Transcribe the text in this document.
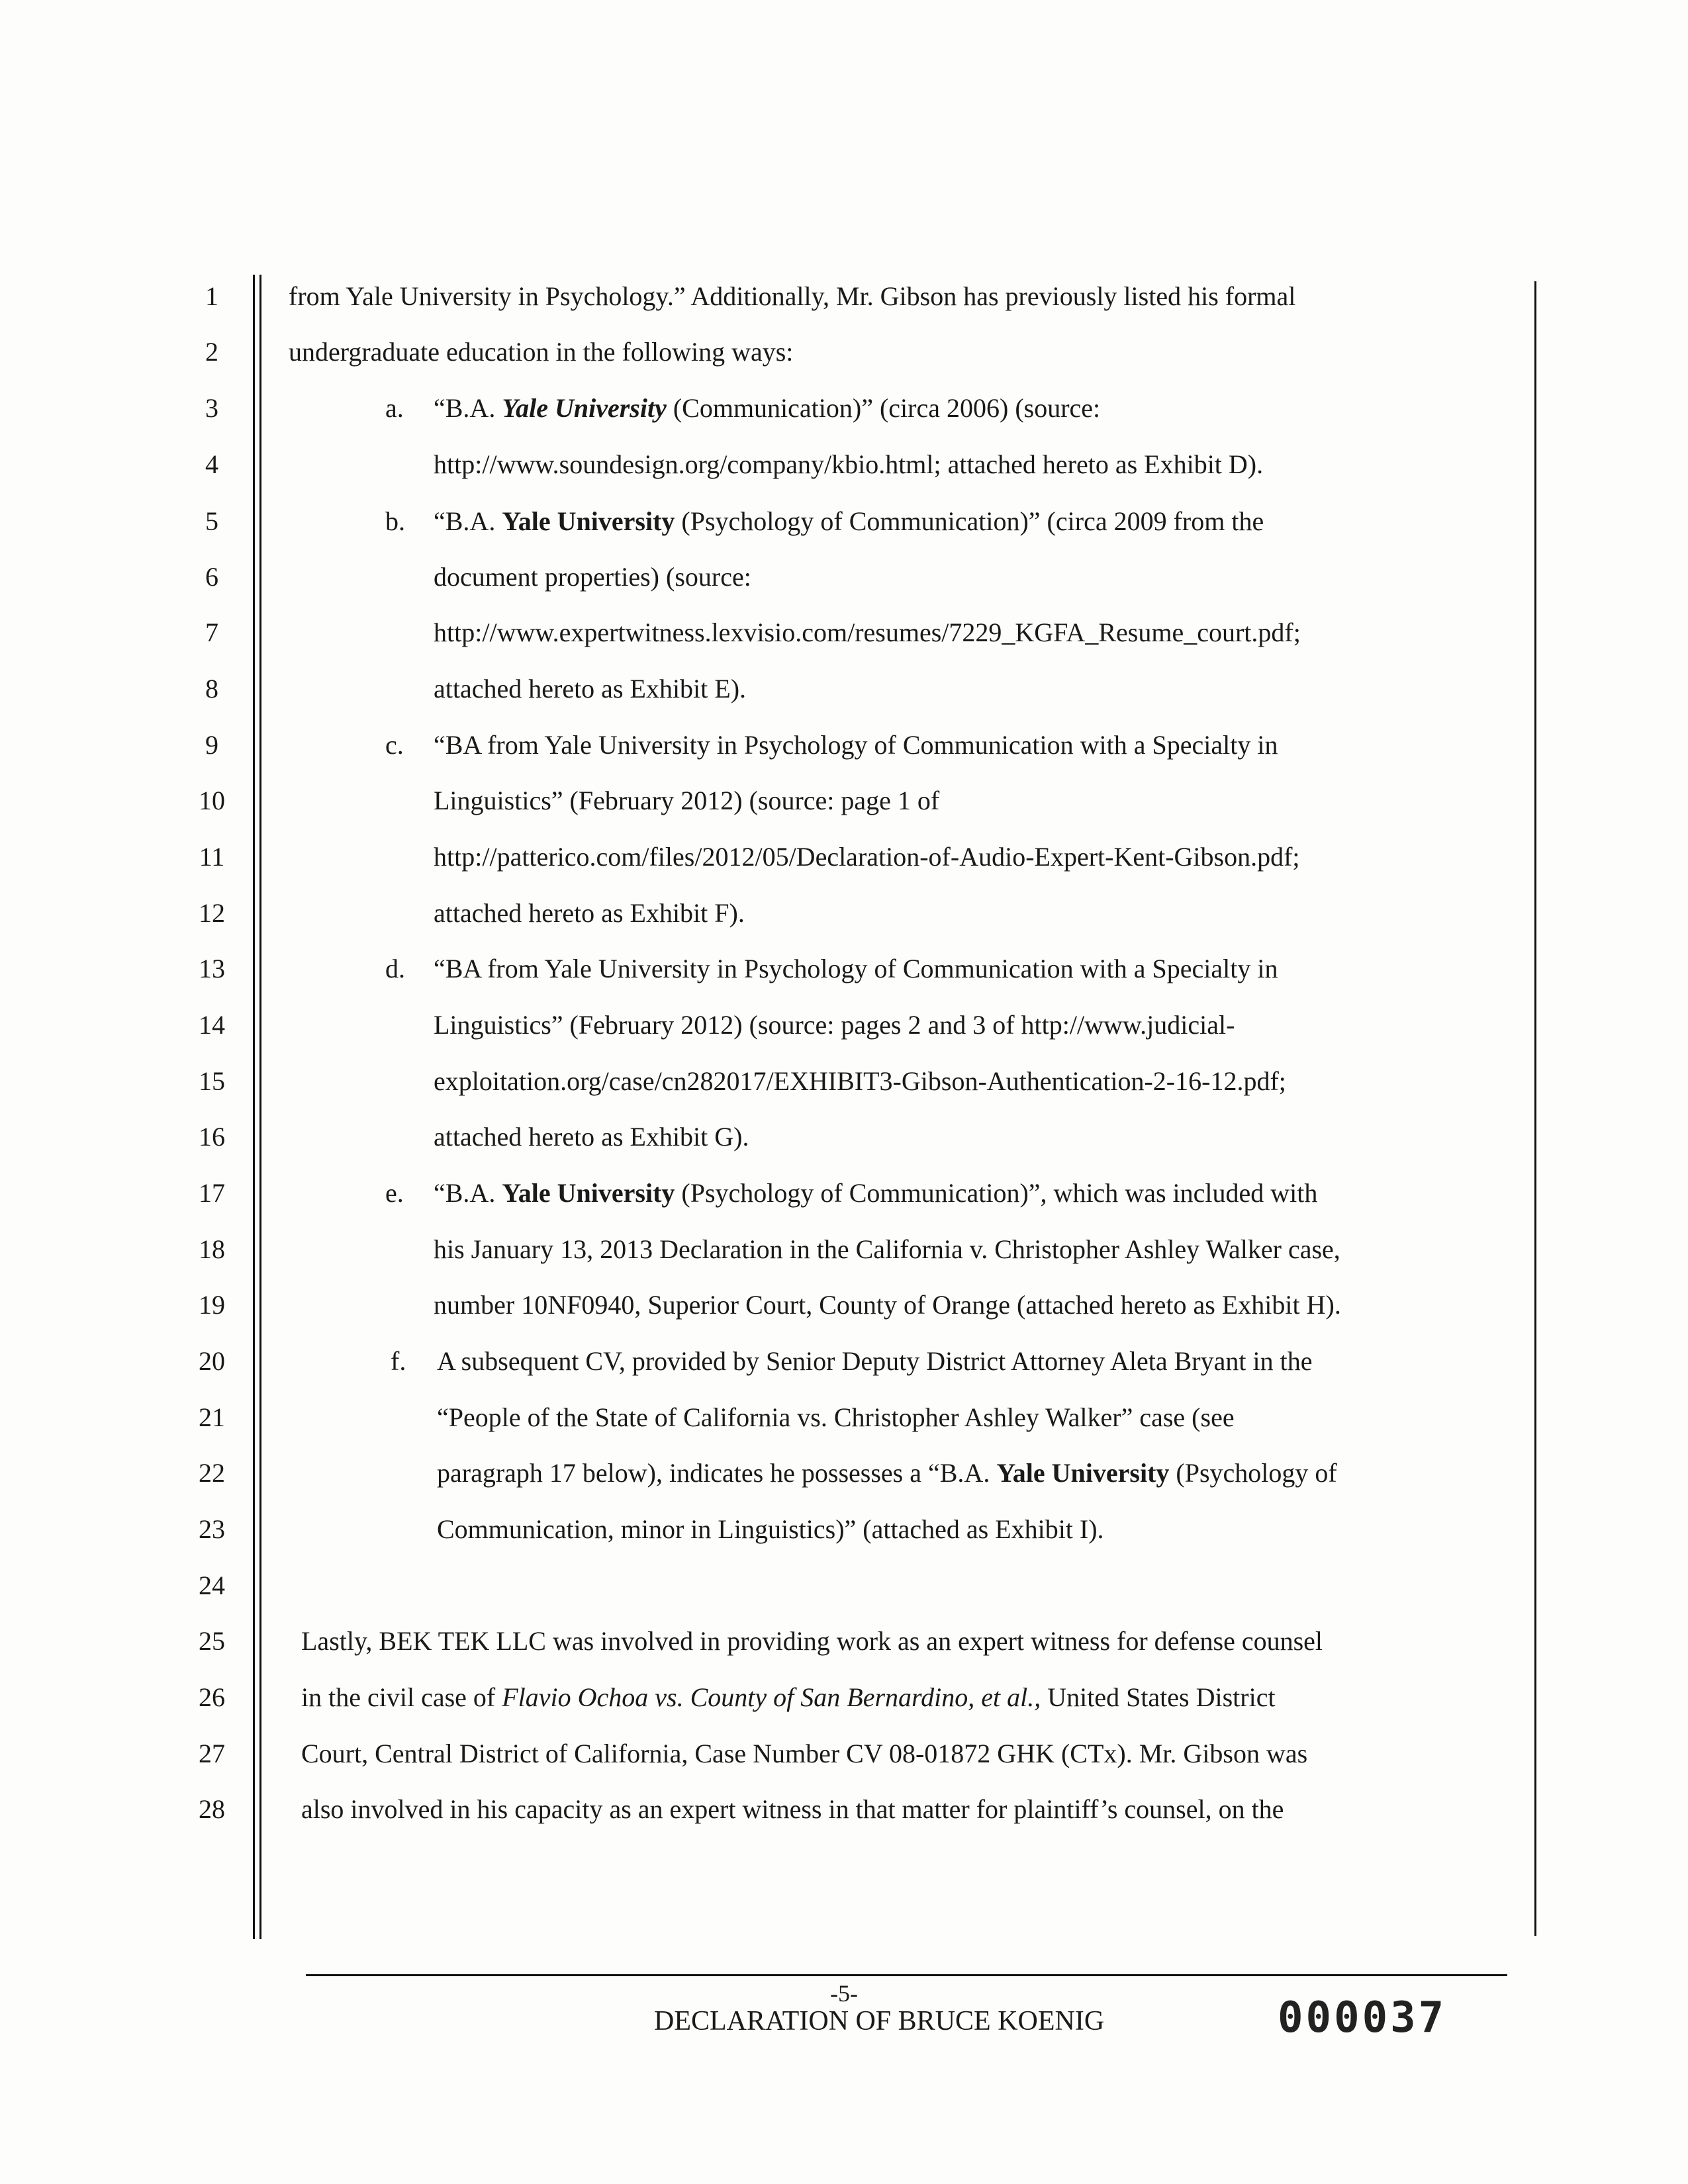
1
2
3
4
5
6
7
8
9
10
11
12
13
14
15
16
17
18
19
20
21
22
23
24
25
26
27
28
from Yale University in Psychology.” Additionally, Mr. Gibson has previously listed his formal
undergraduate education in the following ways:
a. “B.A. Yale University (Communication)” (circa 2006) (source:
http://www.soundesign.org/company/kbio.html; attached hereto as Exhibit D).
b. “B.A. Yale University (Psychology of Communication)” (circa 2009 from the
document properties) (source:
http://www.expertwitness.lexvisio.com/resumes/7229_KGFA_Resume_court.pdf;
attached hereto as Exhibit E).
c. “BA from Yale University in Psychology of Communication with a Specialty in
Linguistics” (February 2012) (source: page 1 of
http://patterico.com/files/2012/05/Declaration-of-Audio-Expert-Kent-Gibson.pdf;
attached hereto as Exhibit F).
d. “BA from Yale University in Psychology of Communication with a Specialty in
Linguistics” (February 2012) (source: pages 2 and 3 of http://www.judicial-
exploitation.org/case/cn282017/EXHIBIT3-Gibson-Authentication-2-16-12.pdf;
attached hereto as Exhibit G).
e. “B.A. Yale University (Psychology of Communication)”, which was included with
his January 13, 2013 Declaration in the California v. Christopher Ashley Walker case,
number 10NF0940, Superior Court, County of Orange (attached hereto as Exhibit H).
f. A subsequent CV, provided by Senior Deputy District Attorney Aleta Bryant in the
“People of the State of California vs. Christopher Ashley Walker” case (see
paragraph 17 below), indicates he possesses a “B.A. Yale University (Psychology of
Communication, minor in Linguistics)” (attached as Exhibit I).
Lastly, BEK TEK LLC was involved in providing work as an expert witness for defense counsel
in the civil case of Flavio Ochoa vs. County of San Bernardino, et al., United States District
Court, Central District of California, Case Number CV 08-01872 GHK (CTx). Mr. Gibson was
also involved in his capacity as an expert witness in that matter for plaintiff’s counsel, on the
-5-
DECLARATION OF BRUCE KOENIG	000037
